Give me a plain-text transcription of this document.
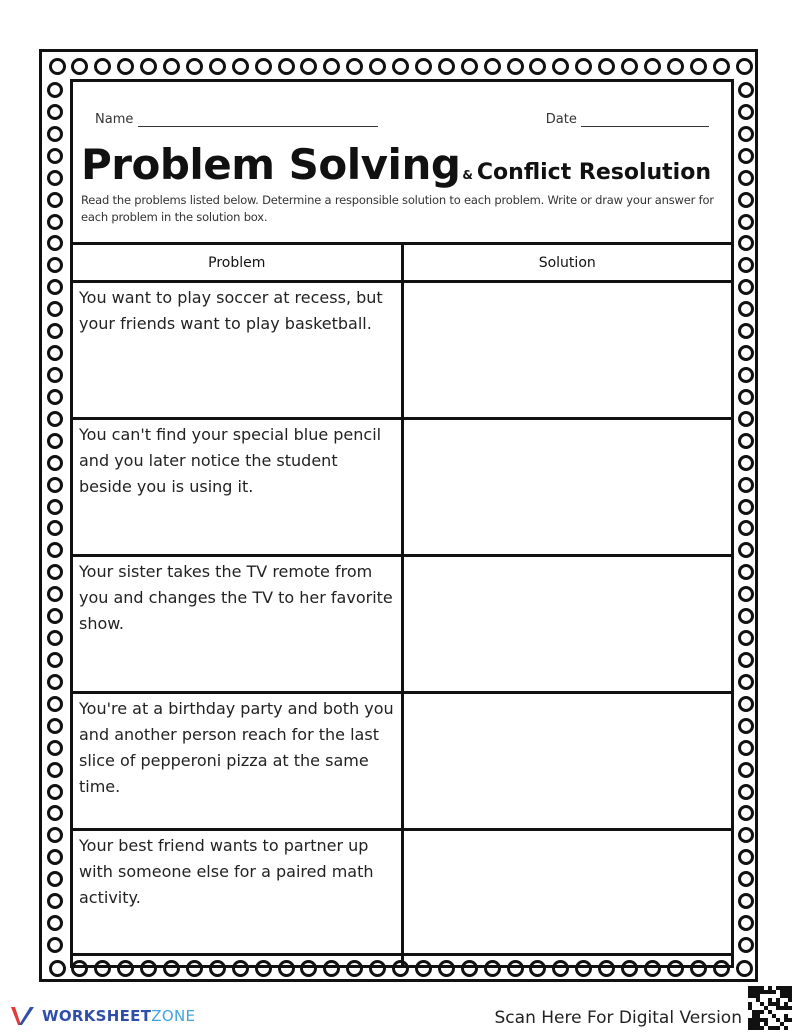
Name	Date
Problem Solving & Conflict Resolution
Read the problems listed below. Determine a responsible solution to each problem. Write or draw your answer for each problem in the solution box.
Problem	Solution
You want to play soccer at recess, but your friends want to play basketball.	
You can't find your special blue pencil and you later notice the student beside you is using it.	
Your sister takes the TV remote from you and changes the TV to her favorite show.	
You're at a birthday party and both you and another person reach for the last slice of pepperoni pizza at the same time.	
Your best friend wants to partner up with someone else for a paired math activity.	
WORKSHEETZONE	Scan Here For Digital Version
